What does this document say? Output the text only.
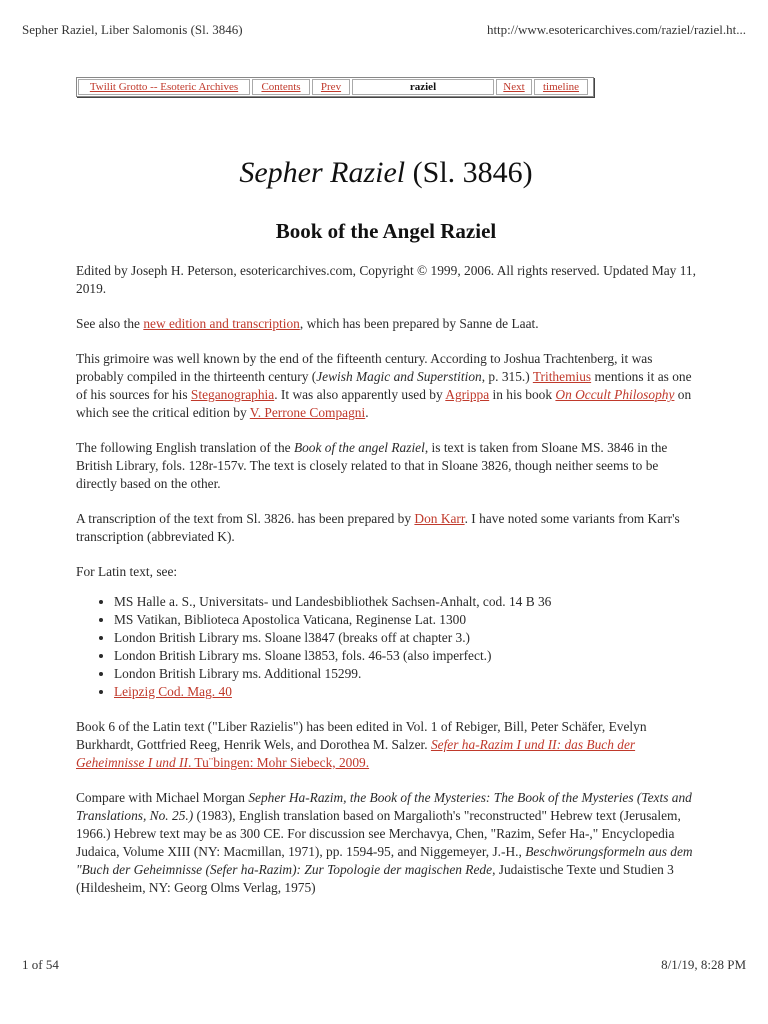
Sepher Raziel, Liber Salomonis (Sl. 3846)	http://www.esotericarchives.com/raziel/raziel.ht...
Twilit Grotto -- Esoteric Archives Contents Prev	raziel	Next timeline
Sepher Raziel (Sl. 3846)
Book of the Angel Raziel

Edited by Joseph H. Peterson, esotericarchives.com, Copyright © 1999, 2006. All rights reserved. Updated May 11, 2019.

See also the new edition and transcription, which has been prepared by Sanne de Laat.

This grimoire was well known by the end of the fifteenth century. According to Joshua Trachtenberg, it was probably compiled in the thirteenth century (Jewish Magic and Superstition, p. 315.) Trithemius mentions it as one of his sources for his Steganographia. It was also apparently used by Agrippa in his book On Occult Philosophy on which see the critical edition by V. Perrone Compagni.

The following English translation of the Book of the angel Raziel, is text is taken from Sloane MS. 3846 in the British Library, fols. 128r-157v. The text is closely related to that in Sloane 3826, though neither seems to be directly based on the other.

A transcription of the text from Sl. 3826. has been prepared by Don Karr. I have noted some variants from Karr's transcription (abbreviated K).

For Latin text, see:

• MS Halle a. S., Universitats- und Landesbibliothek Sachsen-Anhalt, cod. 14 B 36
• MS Vatikan, Biblioteca Apostolica Vaticana, Reginense Lat. 1300
• London British Library ms. Sloane l3847 (breaks off at chapter 3.)
• London British Library ms. Sloane l3853, fols. 46-53 (also imperfect.)
• London British Library ms. Additional 15299.
• Leipzig Cod. Mag. 40

Book 6 of the Latin text ("Liber Razielis") has been edited in Vol. 1 of Rebiger, Bill, Peter Schäfer, Evelyn Burkhardt, Gottfried Reeg, Henrik Wels, and Dorothea M. Salzer. Sefer ha-Razim I und II: das Buch der Geheimnisse I und II. Tu¨bingen: Mohr Siebeck, 2009.

Compare with Michael Morgan Sepher Ha-Razim, the Book of the Mysteries: The Book of the Mysteries (Texts and Translations, No. 25.) (1983), English translation based on Margalioth's "reconstructed" Hebrew text (Jerusalem, 1966.) Hebrew text may be as 300 CE. For discussion see Merchavya, Chen, "Razim, Sefer Ha-," Encyclopedia Judaica, Volume XIII (NY: Macmillan, 1971), pp. 1594-95, and Niggemeyer, J.-H., Beschwörungsformeln aus dem "Buch der Geheimnisse (Sefer ha-Razim): Zur Topologie der magischen Rede, Judaistische Texte und Studien 3 (Hildesheim, NY: Georg Olms Verlag, 1975)

1 of 54	8/1/19, 8:28 PM
